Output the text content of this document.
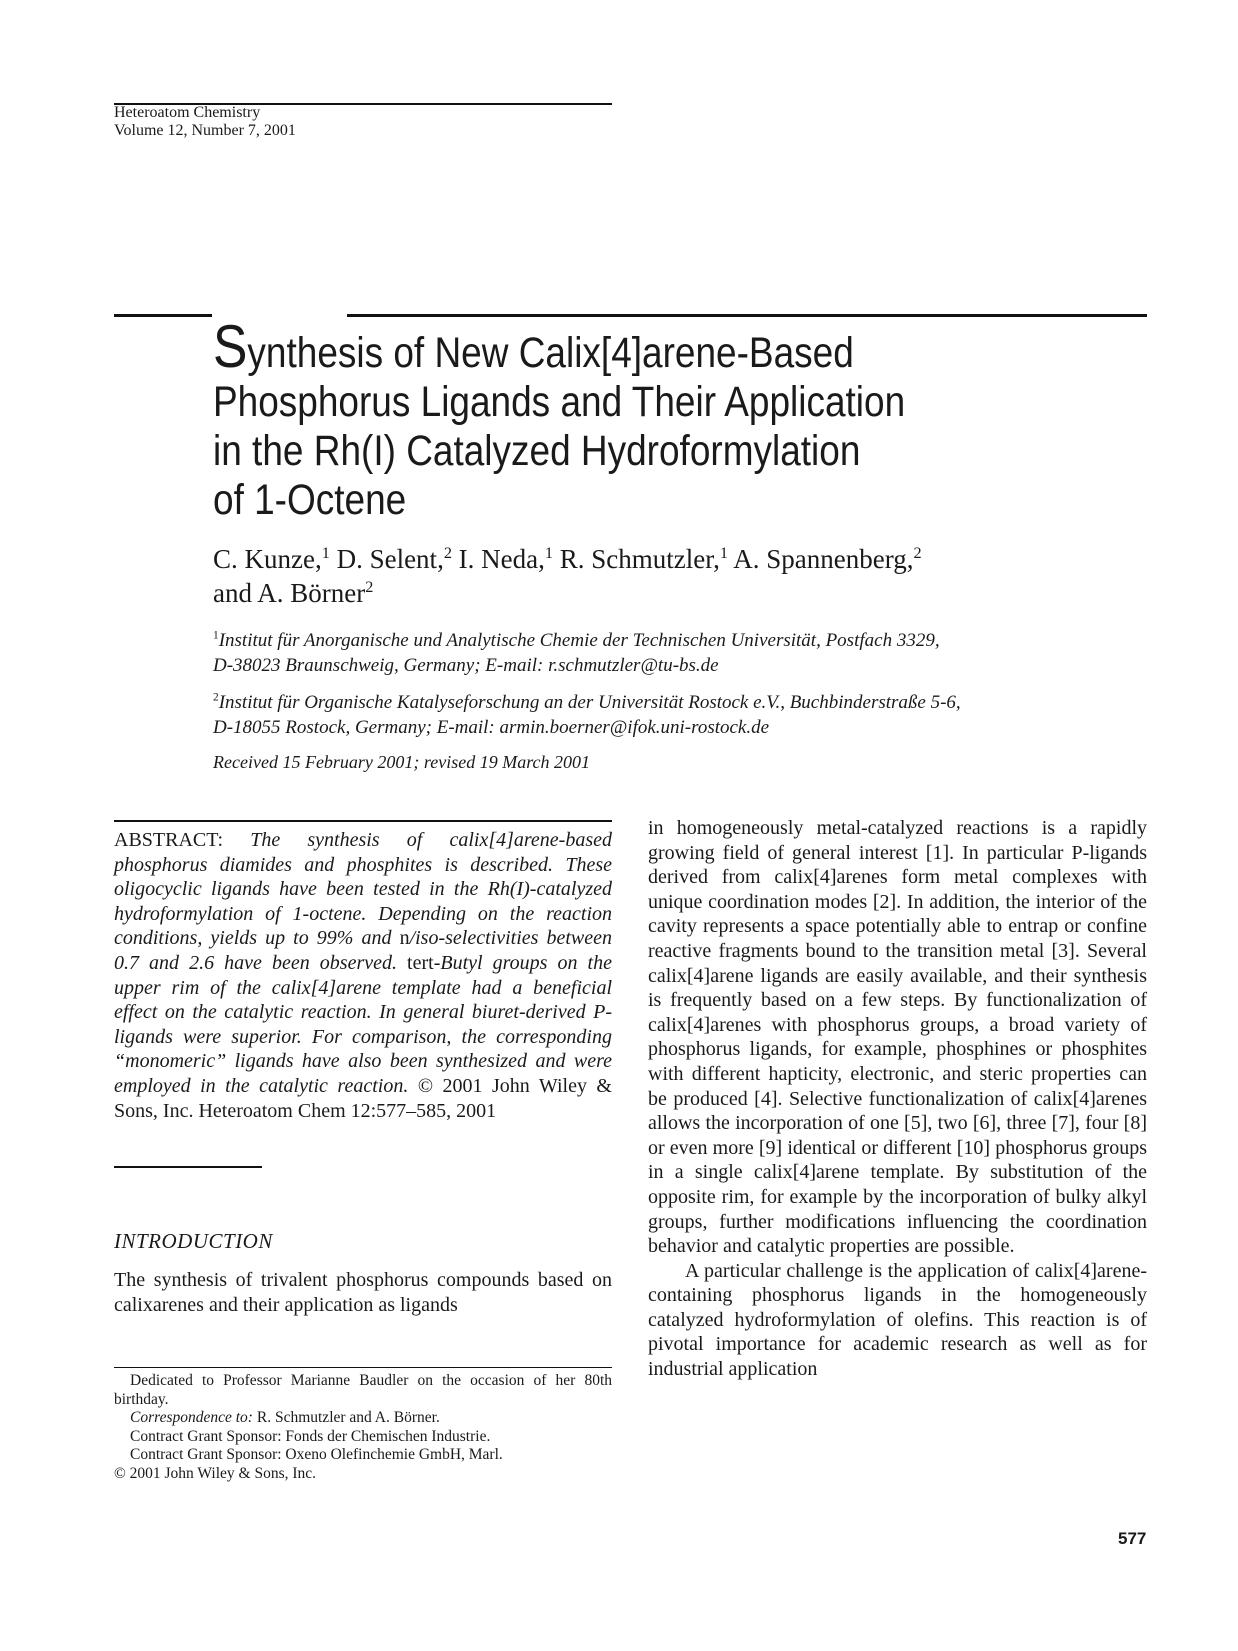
Heteroatom Chemistry
Volume 12, Number 7, 2001
Synthesis of New Calix[4]arene-Based
Phosphorus Ligands and Their Application
in the Rh(I) Catalyzed Hydroformylation
of 1-Octene
C. Kunze,$^1$ D. Selent,$^2$ I. Neda,$^1$ R. Schmutzler,$^1$ A. Spannenberg,$^2$
and A. Börner$^2$
$^1$Institut für Anorganische und Analytische Chemie der Technischen Universität, Postfach 3329,
D-38023 Braunschweig, Germany; E-mail: r.schmutzler@tu-bs.de
$^2$Institut für Organische Katalyseforschung an der Universität Rostock e.V., Buchbinderstraße 5-6,
D-18055 Rostock, Germany; E-mail: armin.boerner@ifok.uni-rostock.de
Received 15 February 2001; revised 19 March 2001

ABSTRACT: The synthesis of calix[4]arene-based phosphorus diamides and phosphites is described. These oligocyclic ligands have been tested in the Rh(I)-catalyzed hydroformylation of 1-octene. Depending on the reaction conditions, yields up to 99% and n/iso-selectivities between 0.7 and 2.6 have been observed. tert-Butyl groups on the upper rim of the calix[4]arene template had a beneficial effect on the catalytic reaction. In general biuret-derived P-ligands were superior. For comparison, the corresponding “monomeric” ligands have also been synthesized and were employed in the catalytic reaction. © 2001 John Wiley & Sons, Inc. Heteroatom Chem 12:577–585, 2001

INTRODUCTION

The synthesis of trivalent phosphorus compounds based on calixarenes and their application as ligands

Dedicated to Professor Marianne Baudler on the occasion of her 80th birthday.

Correspondence to: R. Schmutzler and A. Börner.

Contract Grant Sponsor: Fonds der Chemischen Industrie.

Contract Grant Sponsor: Oxeno Olefinchemie GmbH, Marl.

© 2001 John Wiley & Sons, Inc.

in homogeneously metal-catalyzed reactions is a rapidly growing field of general interest [1]. In particular P-ligands derived from calix[4]arenes form metal complexes with unique coordination modes [2]. In addition, the interior of the cavity represents a space potentially able to entrap or confine reactive fragments bound to the transition metal [3]. Several calix[4]arene ligands are easily available, and their synthesis is frequently based on a few steps. By functionalization of calix[4]arenes with phosphorus groups, a broad variety of phosphorus ligands, for example, phosphines or phosphites with different hapticity, electronic, and steric properties can be produced [4]. Selective functionalization of calix[4]arenes allows the incorporation of one [5], two [6], three [7], four [8] or even more [9] identical or different [10] phosphorus groups in a single calix[4]arene template. By substitution of the opposite rim, for example by the incorporation of bulky alkyl groups, further modifications influencing the coordination behavior and catalytic properties are possible.

A particular challenge is the application of calix[4]arene-containing phosphorus ligands in the homogeneously catalyzed hydroformylation of olefins. This reaction is of pivotal importance for academic research as well as for industrial application

577
